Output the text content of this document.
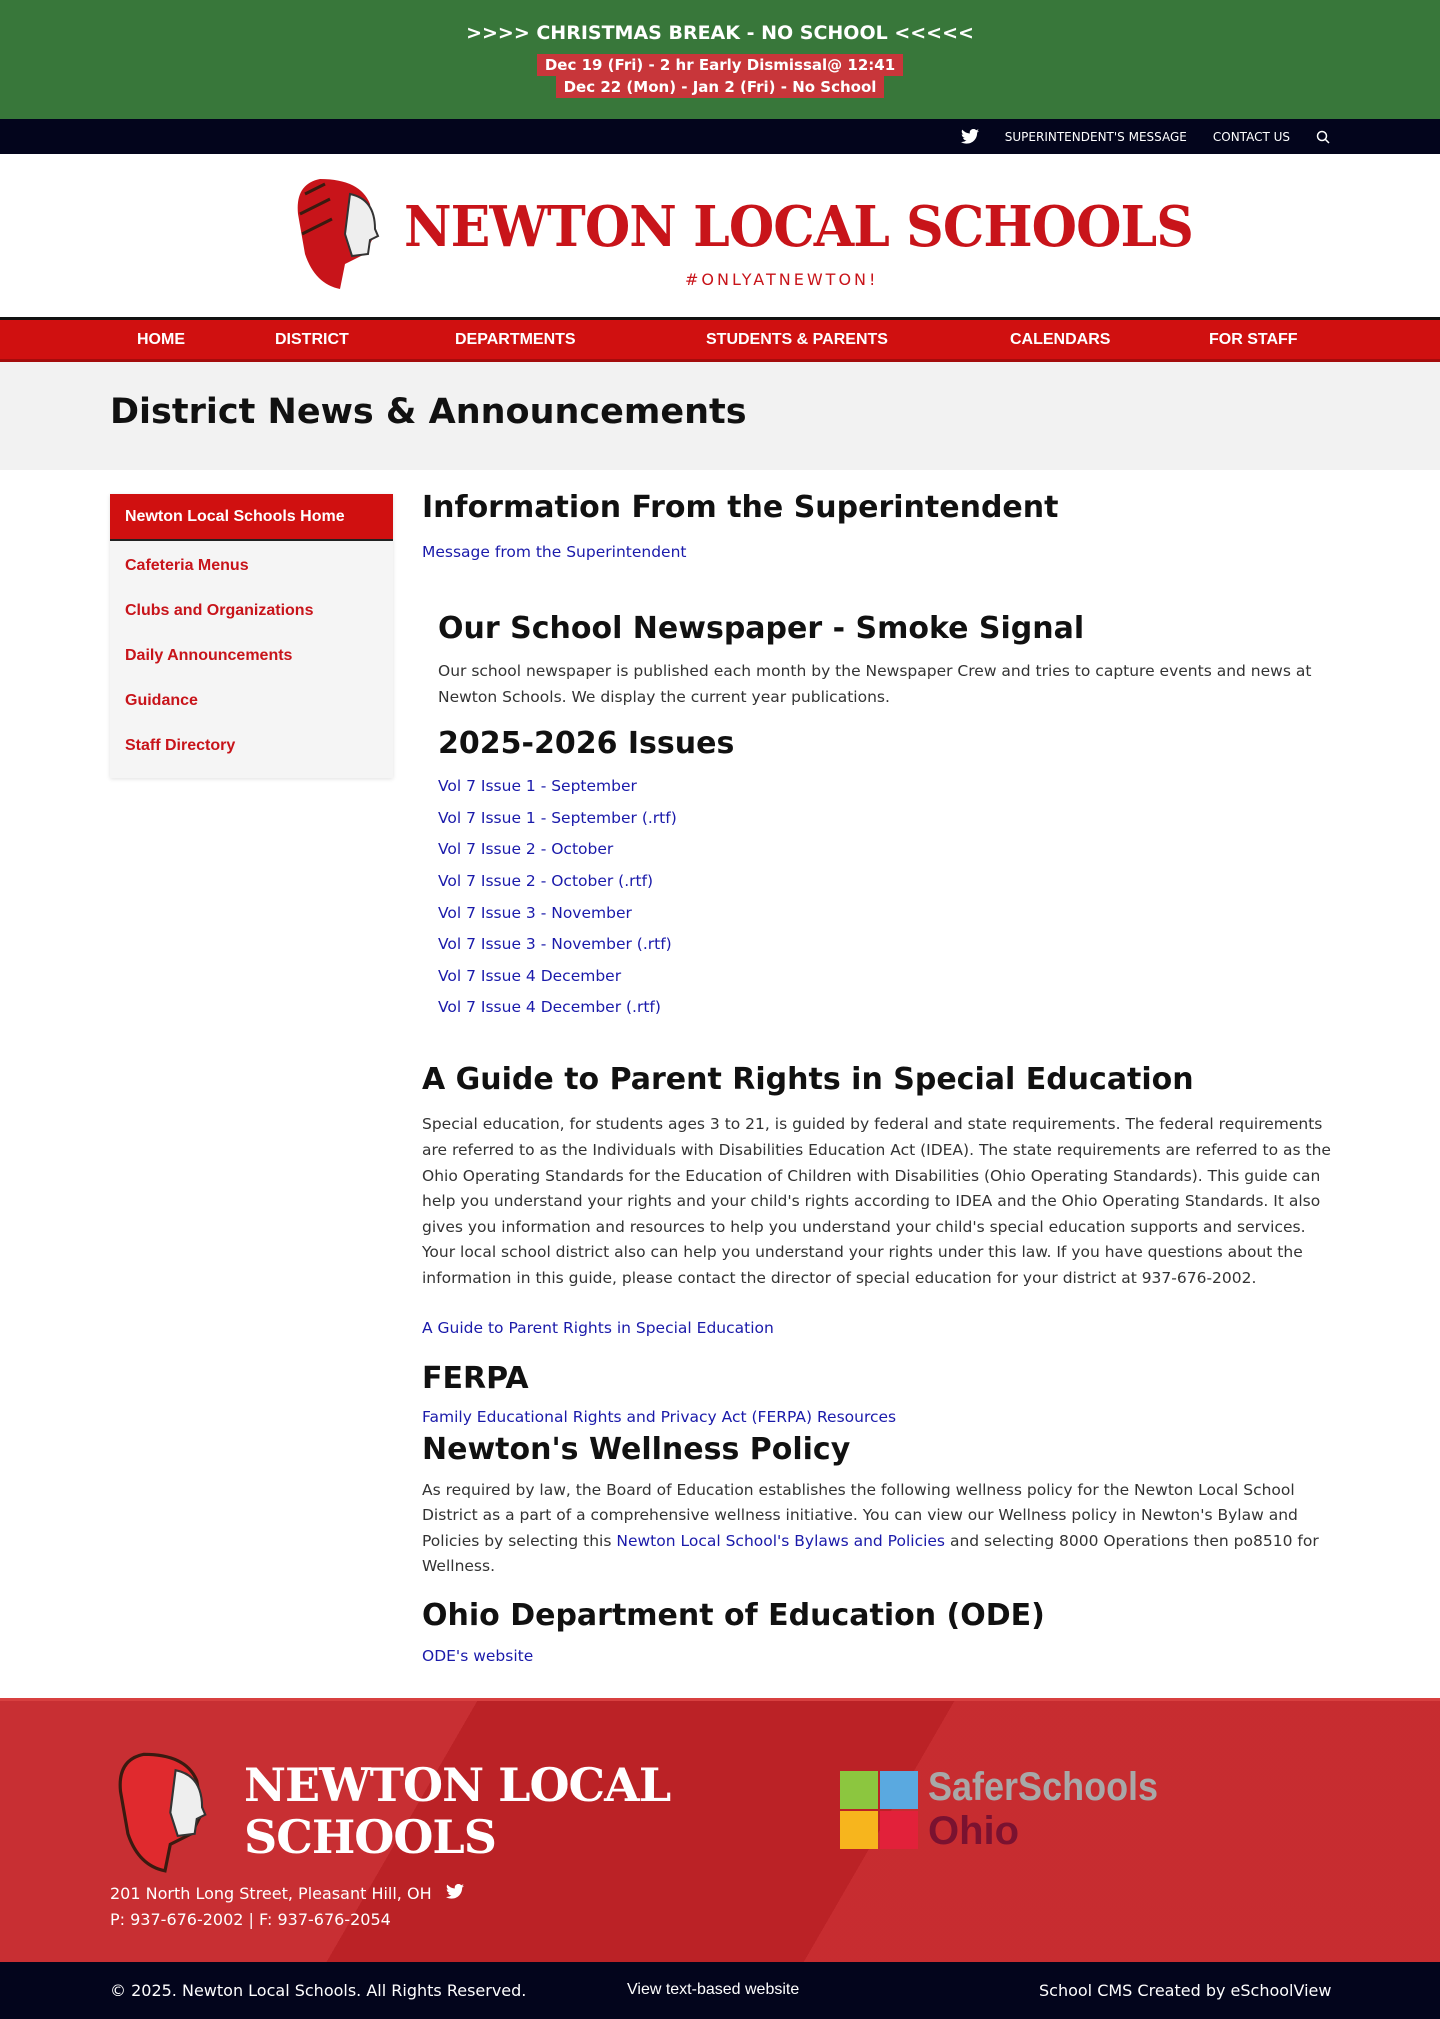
>>>> CHRISTMAS BREAK - NO SCHOOL <<<<<
Dec 19 (Fri) - 2 hr Early Dismissal@ 12:41
Dec 22 (Mon) - Jan 2 (Fri) - No School
SUPERINTENDENT'S MESSAGE CONTACT US
NEWTON LOCAL SCHOOLS
#ONLYATNEWTON!
HOME	DISTRICT	DEPARTMENTS	STUDENTS & PARENTS	CALENDARS	FOR STAFF
District News & Announcements
Newton Local Schools Home
Cafeteria Menus
Clubs and Organizations
Daily Announcements
Guidance
Staff Directory
Information From the Superintendent
Message from the Superintendent
Our School Newspaper - Smoke Signal

Our school newspaper is published each month by the Newspaper Crew and tries to capture events and news at Newton Schools. We display the current year publications.

2025-2026 Issues
Vol 7 Issue 1 - September
Vol 7 Issue 1 - September (.rtf)
Vol 7 Issue 2 - October
Vol 7 Issue 2 - October (.rtf)
Vol 7 Issue 3 - November
Vol 7 Issue 3 - November (.rtf)
Vol 7 Issue 4 December
Vol 7 Issue 4 December (.rtf)
A Guide to Parent Rights in Special Education

Special education, for students ages 3 to 21, is guided by federal and state requirements. The federal requirements are referred to as the Individuals with Disabilities Education Act (IDEA). The state requirements are referred to as the Ohio Operating Standards for the Education of Children with Disabilities (Ohio Operating Standards). This guide can help you understand your rights and your child's rights according to IDEA and the Ohio Operating Standards. It also gives you information and resources to help you understand your child's special education supports and services. Your local school district also can help you understand your rights under this law. If you have questions about the information in this guide, please contact the director of special education for your district at 937-676-2002.

A Guide to Parent Rights in Special Education
FERPA
Family Educational Rights and Privacy Act (FERPA) Resources
Newton's Wellness Policy

As required by law, the Board of Education establishes the following wellness policy for the Newton Local School District as a part of a comprehensive wellness initiative. You can view our Wellness policy in Newton's Bylaw and Policies by selecting this Newton Local School's Bylaws and Policies and selecting 8000 Operations then po8510 for Wellness.

Ohio Department of Education (ODE)
ODE's website
NEWTON LOCAL
SCHOOLS
201 North Long Street, Pleasant Hill, OH
P: 937-676-2002 | F: 937-676-2054
SaferSchools
Ohio
© 2025. Newton Local Schools. All Rights Reserved.	View text-based website	School CMS Created by eSchoolView
